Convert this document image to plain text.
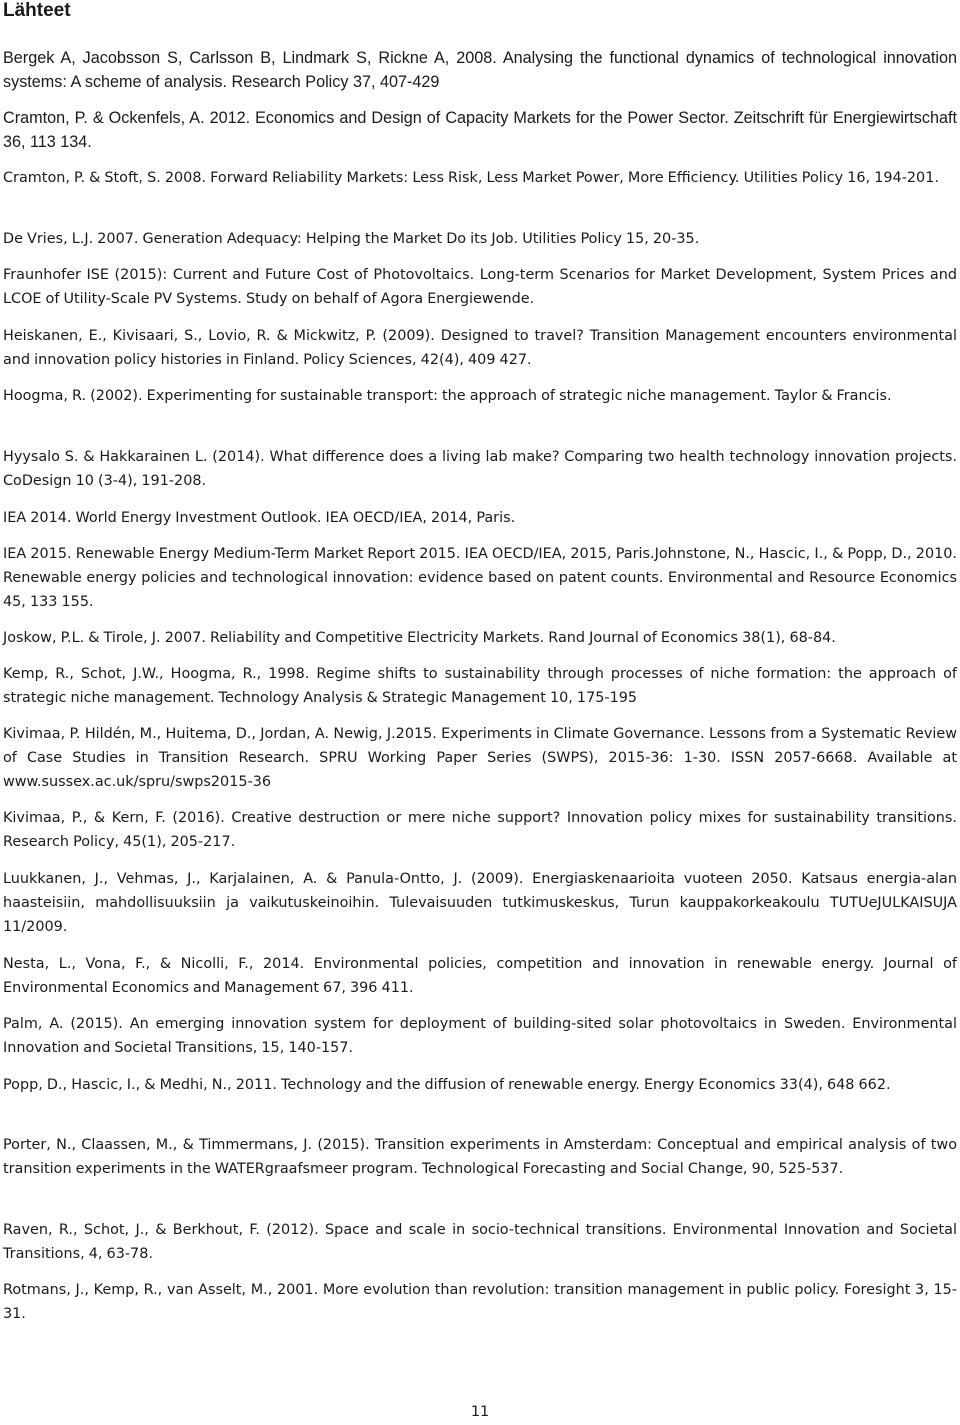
Lähteet

Bergek A, Jacobsson S, Carlsson B, Lindmark S, Rickne A, 2008. Analysing the functional dynamics of technological innovation systems: A scheme of analysis. Research Policy 37, 407-429

Cramton, P. & Ockenfels, A. 2012. Economics and Design of Capacity Markets for the Power Sector. Zeitschrift für Energiewirtschaft 36, 113 134.

Cramton, P. & Stoft, S. 2008. Forward Reliability Markets: Less Risk, Less Market Power, More Efficiency. Utilities Policy 16, 194-201.

De Vries, L.J. 2007. Generation Adequacy: Helping the Market Do its Job. Utilities Policy 15, 20-35.

Fraunhofer ISE (2015): Current and Future Cost of Photovoltaics. Long-term Scenarios for Market Development, System Prices and LCOE of Utility-Scale PV Systems. Study on behalf of Agora Energiewende.

Heiskanen, E., Kivisaari, S., Lovio, R. & Mickwitz, P. (2009). Designed to travel? Transition Management encounters environmental and innovation policy histories in Finland. Policy Sciences, 42(4), 409 427.

Hoogma, R. (2002). Experimenting for sustainable transport: the approach of strategic niche management. Taylor & Francis.

Hyysalo S. & Hakkarainen L. (2014). What difference does a living lab make? Comparing two health technology innovation projects. CoDesign 10 (3-4), 191-208.

IEA 2014. World Energy Investment Outlook. IEA OECD/IEA, 2014, Paris.

IEA 2015. Renewable Energy Medium-Term Market Report 2015. IEA OECD/IEA, 2015, Paris.Johnstone, N., Hascic, I., & Popp, D., 2010. Renewable energy policies and technological innovation: evidence based on patent counts. Environmental and Resource Economics 45, 133 155.

Joskow, P.L. & Tirole, J. 2007. Reliability and Competitive Electricity Markets. Rand Journal of Economics 38(1), 68-84.

Kemp, R., Schot, J.W., Hoogma, R., 1998. Regime shifts to sustainability through processes of niche formation: the approach of strategic niche management. Technology Analysis & Strategic Management 10, 175-195

Kivimaa, P. Hildén, M., Huitema, D., Jordan, A. Newig, J.2015. Experiments in Climate Governance. Lessons from a Systematic Review of Case Studies in Transition Research. SPRU Working Paper Series (SWPS), 2015-36: 1-30. ISSN 2057-6668. Available at www.sussex.ac.uk/spru/swps2015-36

Kivimaa, P., & Kern, F. (2016). Creative destruction or mere niche support? Innovation policy mixes for sustainability transitions. Research Policy, 45(1), 205-217.

Luukkanen, J., Vehmas, J., Karjalainen, A. & Panula-Ontto, J. (2009). Energiaskenaarioita vuoteen 2050. Katsaus energia-alan haasteisiin, mahdollisuuksiin ja vaikutuskeinoihin. Tulevaisuuden tutkimuskeskus, Turun kauppakorkeakoulu TUTUeJULKAISUJA 11/2009.

Nesta, L., Vona, F., & Nicolli, F., 2014. Environmental policies, competition and innovation in renewable energy. Journal of Environmental Economics and Management 67, 396 411.

Palm, A. (2015). An emerging innovation system for deployment of building-sited solar photovoltaics in Sweden. Environmental Innovation and Societal Transitions, 15, 140-157.

Popp, D., Hascic, I., & Medhi, N., 2011. Technology and the diffusion of renewable energy. Energy Economics 33(4), 648 662.

Porter, N., Claassen, M., & Timmermans, J. (2015). Transition experiments in Amsterdam: Conceptual and empirical analysis of two transition experiments in the WATERgraafsmeer program. Technological Forecasting and Social Change, 90, 525-537.

Raven, R., Schot, J., & Berkhout, F. (2012). Space and scale in socio-technical transitions. Environmental Innovation and Societal Transitions, 4, 63-78.

Rotmans, J., Kemp, R., van Asselt, M., 2001. More evolution than revolution: transition management in public policy. Foresight 3, 15-31.

11
